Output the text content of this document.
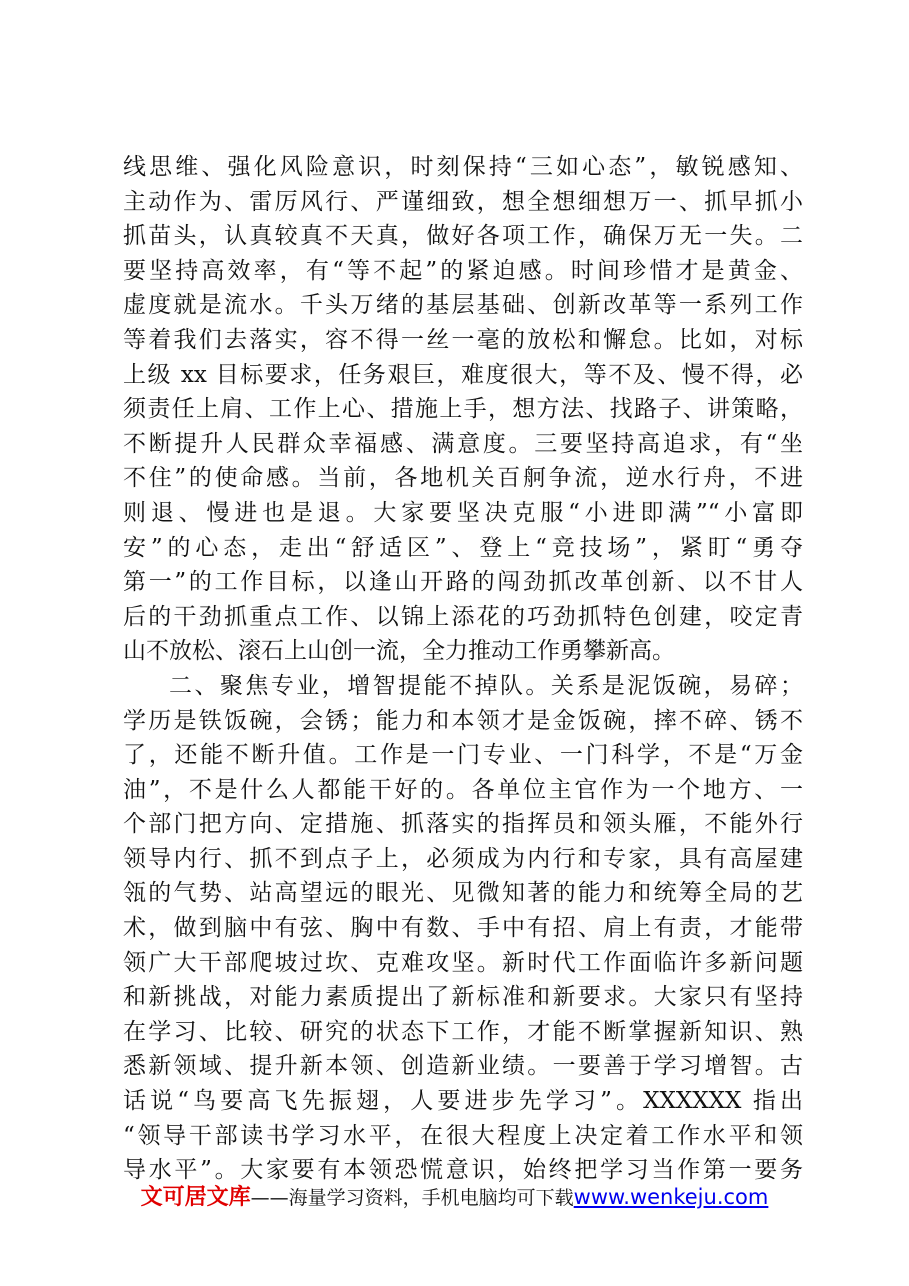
线思维、强化风险意识，时刻保持“三如心态”，敏锐感知、
主动作为、雷厉风行、严谨细致，想全想细想万一、抓早抓小
抓苗头，认真较真不天真，做好各项工作，确保万无一失。二
要坚持高效率，有“等不起”的紧迫感。时间珍惜才是黄金、
虚度就是流水。千头万绪的基层基础、创新改革等一系列工作
等着我们去落实，容不得一丝一毫的放松和懈怠。比如，对标
上级 xx 目标要求，任务艰巨，难度很大，等不及、慢不得，必
须责任上肩、工作上心、措施上手，想方法、找路子、讲策略，
不断提升人民群众幸福感、满意度。三要坚持高追求，有“坐
不住”的使命感。当前，各地机关百舸争流，逆水行舟，不进
则退、慢进也是退。大家要坚决克服“小进即满”“小富即
安”的心态，走出“舒适区”、登上“竞技场”，紧盯“勇夺
第一”的工作目标，以逢山开路的闯劲抓改革创新、以不甘人
后的干劲抓重点工作、以锦上添花的巧劲抓特色创建，咬定青
山不放松、滚石上山创一流，全力推动工作勇攀新高。
二、聚焦专业，增智提能不掉队。关系是泥饭碗，易碎；
学历是铁饭碗，会锈；能力和本领才是金饭碗，摔不碎、锈不
了，还能不断升值。工作是一门专业、一门科学，不是“万金
油”，不是什么人都能干好的。各单位主官作为一个地方、一
个部门把方向、定措施、抓落实的指挥员和领头雁，不能外行
领导内行、抓不到点子上，必须成为内行和专家，具有高屋建
瓴的气势、站高望远的眼光、见微知著的能力和统筹全局的艺
术，做到脑中有弦、胸中有数、手中有招、肩上有责，才能带
领广大干部爬坡过坎、克难攻坚。新时代工作面临许多新问题
和新挑战，对能力素质提出了新标准和新要求。大家只有坚持
在学习、比较、研究的状态下工作，才能不断掌握新知识、熟
悉新领域、提升新本领、创造新业绩。一要善于学习增智。古
话说“鸟要高飞先振翅，人要进步先学习”。XXXXXX 指出
“领导干部读书学习水平，在很大程度上决定着工作水平和领
导水平”。大家要有本领恐慌意识，始终把学习当作第一要务
文可居文库——海量学习资料，手机电脑均可下载www.wenkeju.com
